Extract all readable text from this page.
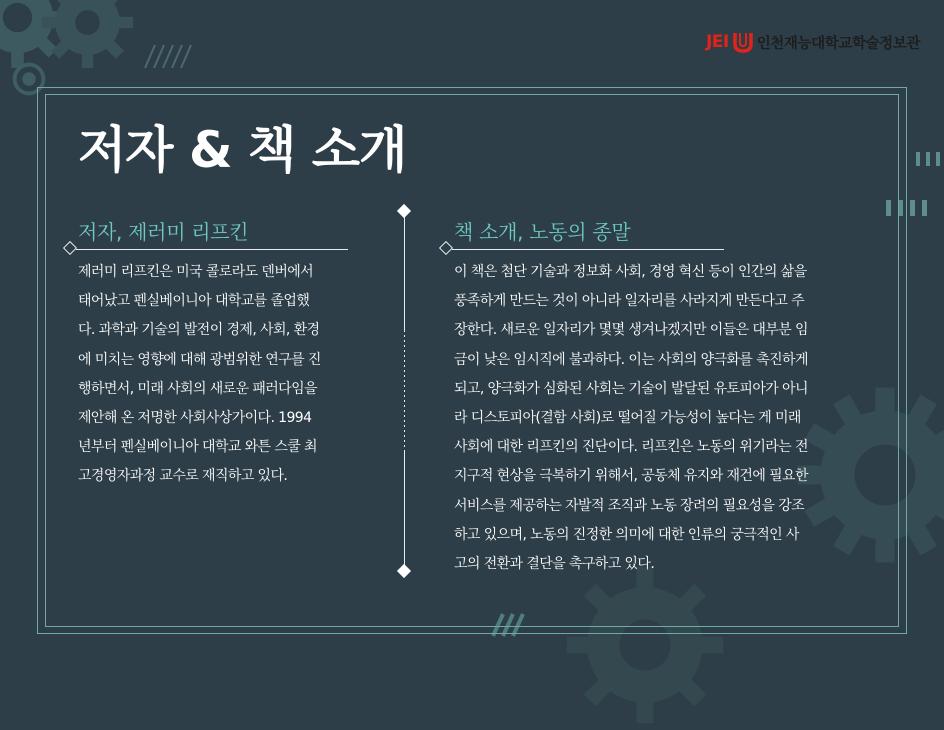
JEI 인천재능대학교학술정보관
저자 & 책 소개
저자, 제러미 리프킨
제러미 리프킨은 미국 콜로라도 덴버에서
태어났고 펜실베이니아 대학교를 졸업했
다. 과학과 기술의 발전이 경제, 사회, 환경
에 미치는 영향에 대해 광범위한 연구를 진
행하면서, 미래 사회의 새로운 패러다임을
제안해 온 저명한 사회사상가이다. 1994
년부터 펜실베이니아 대학교 와튼 스쿨 최
고경영자과정 교수로 재직하고 있다.
책 소개, 노동의 종말
이 책은 첨단 기술과 정보화 사회, 경영 혁신 등이 인간의 삶을
풍족하게 만드는 것이 아니라 일자리를 사라지게 만든다고 주
장한다. 새로운 일자리가 몇몇 생겨나겠지만 이들은 대부분 임
금이 낮은 임시직에 불과하다. 이는 사회의 양극화를 촉진하게
되고, 양극화가 심화된 사회는 기술이 발달된 유토피아가 아니
라 디스토피아(결함 사회)로 떨어질 가능성이 높다는 게 미래
사회에 대한 리프킨의 진단이다. 리프킨은 노동의 위기라는 전
지구적 현상을 극복하기 위해서, 공동체 유지와 재건에 필요한
서비스를 제공하는 자발적 조직과 노동 장려의 필요성을 강조
하고 있으며, 노동의 진정한 의미에 대한 인류의 궁극적인 사
고의 전환과 결단을 촉구하고 있다.
